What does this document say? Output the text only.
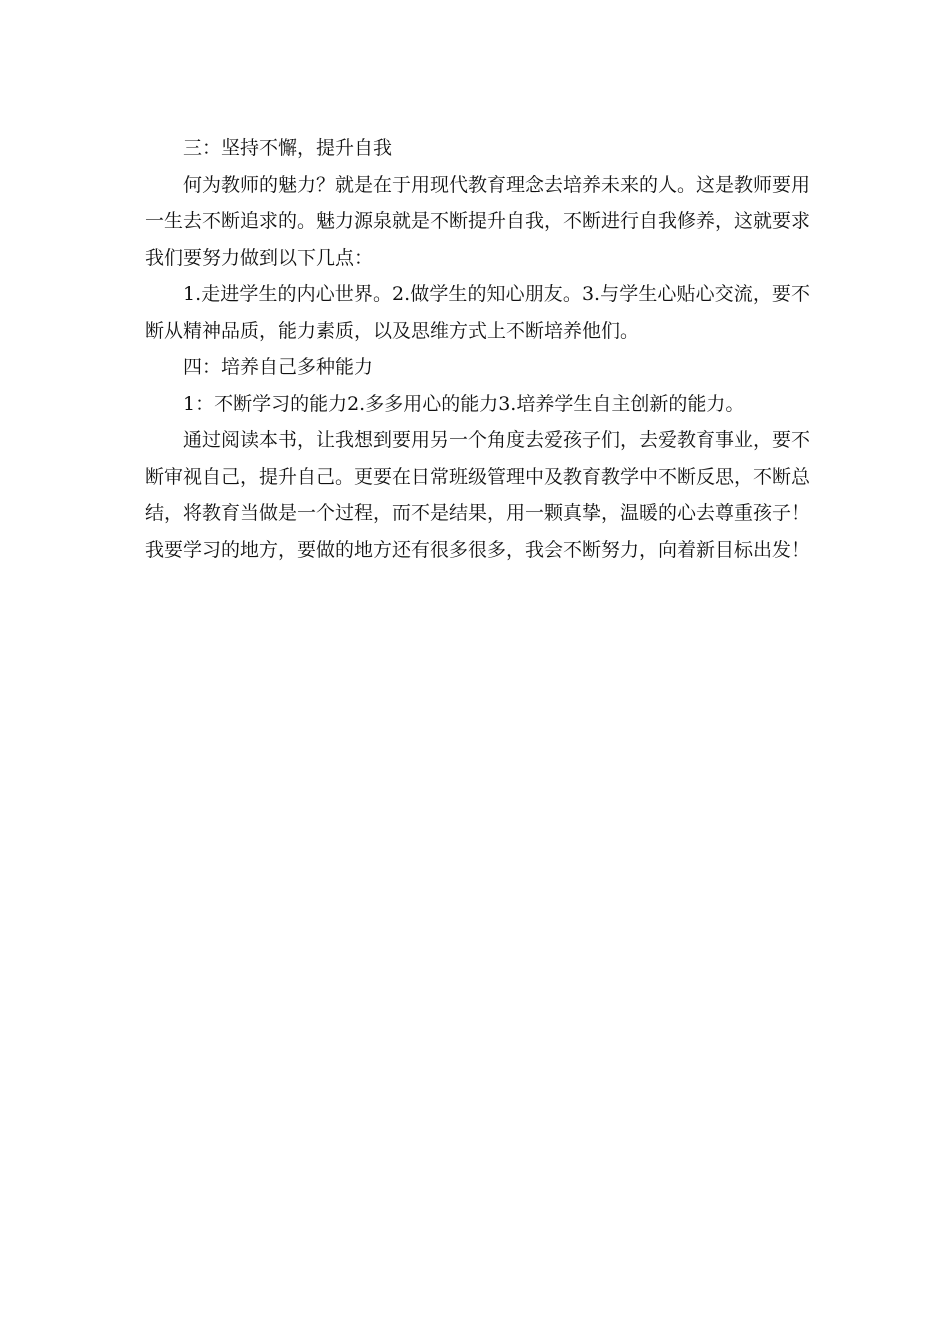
三：坚持不懈，提升自我

何为教师的魅力？就是在于用现代教育理念去培养未来的人。这是教师要用一生去不断追求的。魅力源泉就是不断提升自我，不断进行自我修养，这就要求我们要努力做到以下几点：

1.走进学生的内心世界。2.做学生的知心朋友。3.与学生心贴心交流，要不断从精神品质，能力素质，以及思维方式上不断培养他们。

四：培养自己多种能力

1：不断学习的能力2.多多用心的能力3.培养学生自主创新的能力。

通过阅读本书，让我想到要用另一个角度去爱孩子们，去爱教育事业，要不断审视自己，提升自己。更要在日常班级管理中及教育教学中不断反思，不断总结，将教育当做是一个过程，而不是结果，用一颗真挚，温暖的心去尊重孩子！我要学习的地方，要做的地方还有很多很多，我会不断努力，向着新目标出发！
